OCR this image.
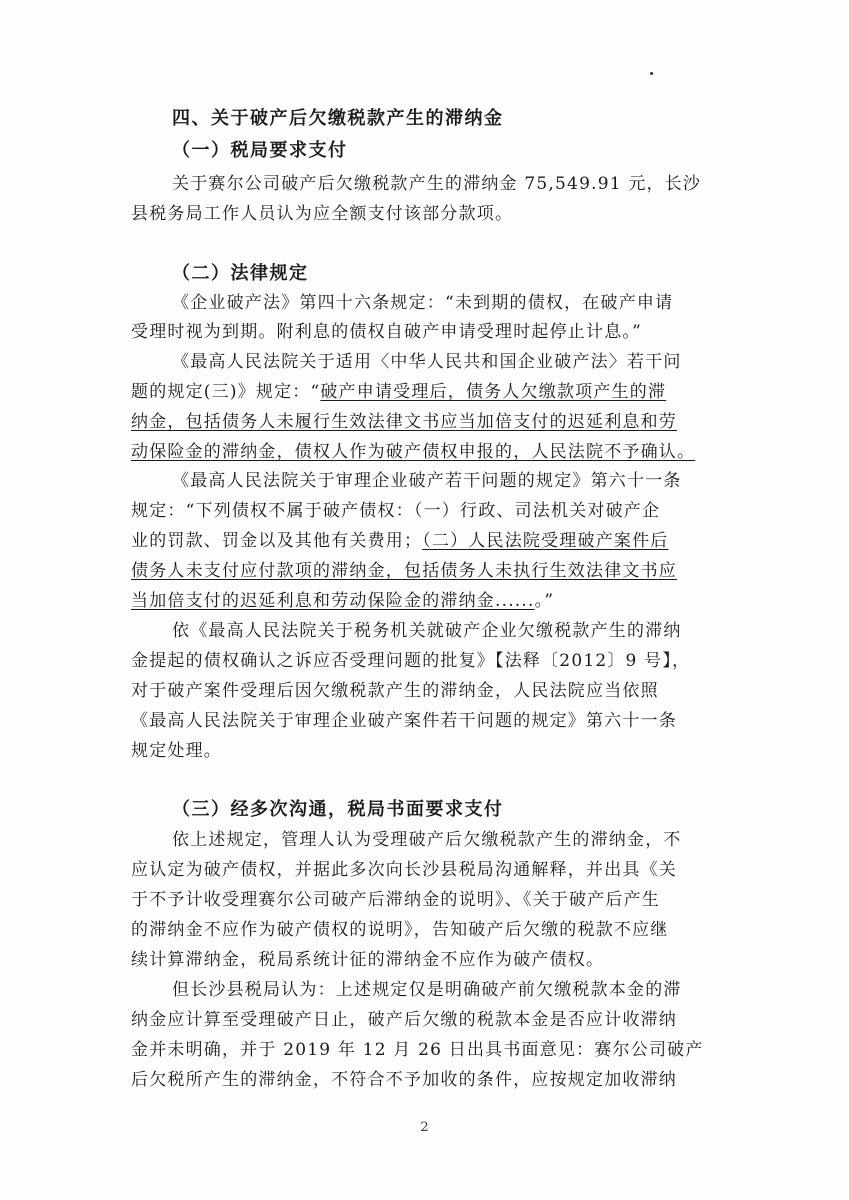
四、关于破产后欠缴税款产生的滞纳金
（一）税局要求支付
关于赛尔公司破产后欠缴税款产生的滞纳金 75,549.91 元，长沙
县税务局工作人员认为应全额支付该部分款项。
（二）法律规定
《企业破产法》第四十六条规定：“未到期的债权，在破产申请
受理时视为到期。附利息的债权自破产申请受理时起停止计息。”
《最高人民法院关于适用〈中华人民共和国企业破产法〉若干问
题的规定(三)》规定：“破产申请受理后，债务人欠缴款项产生的滞
纳金，包括债务人未履行生效法律文书应当加倍支付的迟延利息和劳
动保险金的滞纳金，债权人作为破产债权申报的，人民法院不予确认。
《最高人民法院关于审理企业破产若干问题的规定》第六十一条
规定：“下列债权不属于破产债权：（一）行政、司法机关对破产企
业的罚款、罚金以及其他有关费用；（二）人民法院受理破产案件后
债务人未支付应付款项的滞纳金，包括债务人未执行生效法律文书应
当加倍支付的迟延利息和劳动保险金的滞纳金......。”
依《最高人民法院关于税务机关就破产企业欠缴税款产生的滞纳
金提起的债权确认之诉应否受理问题的批复》【法释〔2012〕9 号】，
对于破产案件受理后因欠缴税款产生的滞纳金，人民法院应当依照
《最高人民法院关于审理企业破产案件若干问题的规定》第六十一条
规定处理。
（三）经多次沟通，税局书面要求支付
依上述规定，管理人认为受理破产后欠缴税款产生的滞纳金，不
应认定为破产债权，并据此多次向长沙县税局沟通解释，并出具《关
于不予计收受理赛尔公司破产后滞纳金的说明》、《关于破产后产生
的滞纳金不应作为破产债权的说明》，告知破产后欠缴的税款不应继
续计算滞纳金，税局系统计征的滞纳金不应作为破产债权。
但长沙县税局认为：上述规定仅是明确破产前欠缴税款本金的滞
纳金应计算至受理破产日止，破产后欠缴的税款本金是否应计收滞纳
金并未明确，并于 2019 年 12 月 26 日出具书面意见：赛尔公司破产
后欠税所产生的滞纳金，不符合不予加收的条件，应按规定加收滞纳
2
